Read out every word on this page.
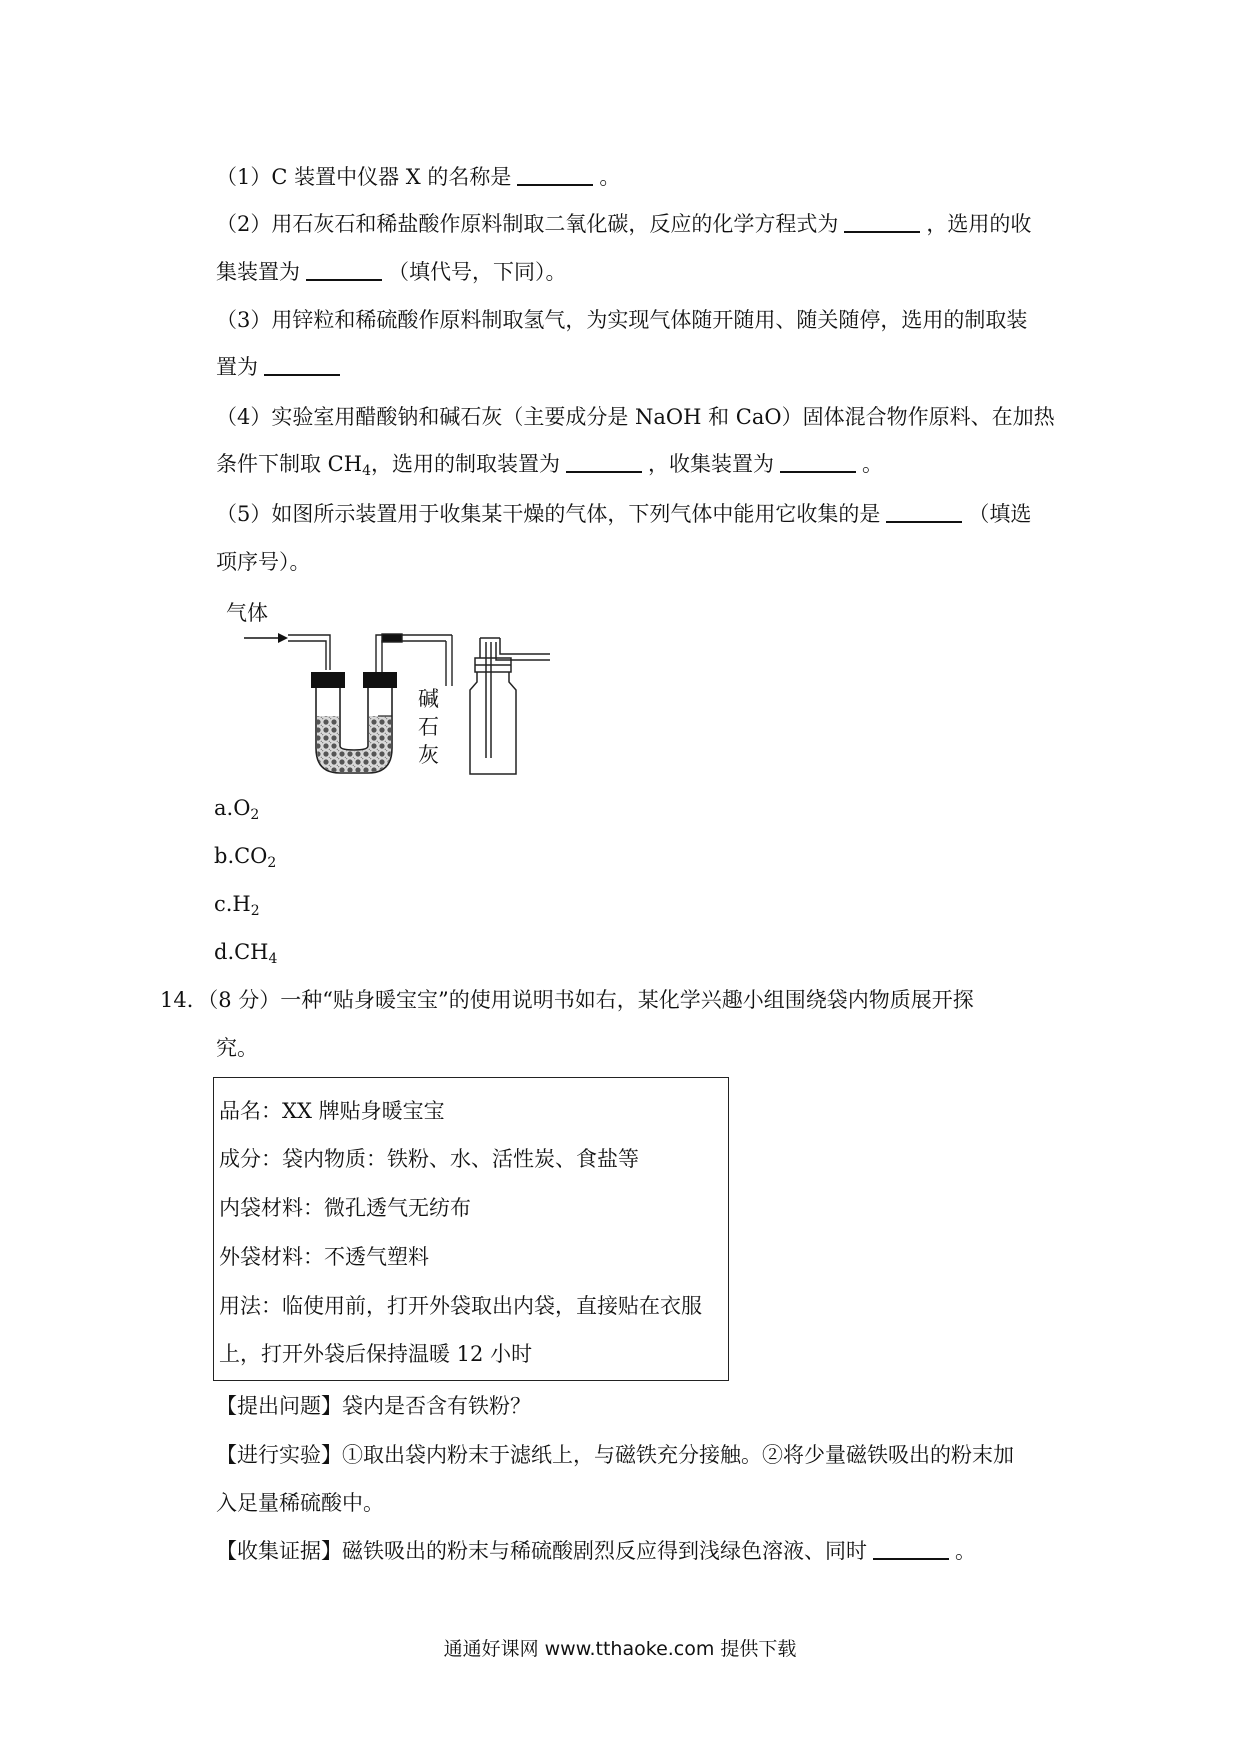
（1）C 装置中仪器 X 的名称是	。
（2）用石灰石和稀盐酸作原料制取二氧化碳，反应的化学方程式为	，选用的收
集装置为	（填代号，下同）。
（3）用锌粒和稀硫酸作原料制取氢气，为实现气体随开随用、随关随停，选用的制取装
置为
（4）实验室用醋酸钠和碱石灰（主要成分是 NaOH 和 CaO）固体混合物作原料、在加热
条件下制取 $CH_4$，选用的制取装置为	，收集装置为	。
（5）如图所示装置用于收集某干燥的气体，下列气体中能用它收集的是	（填选
项序号）。
气体
碱
石
灰
$a.O_2$
$b.CO_2$
$c.H_2$
$d.CH_4$
14．（8 分）一种“贴身暖宝宝”的使用说明书如右，某化学兴趣小组围绕袋内物质展开探
究。
品名：XX 牌贴身暖宝宝
成分：袋内物质：铁粉、水、活性炭、食盐等
内袋材料：微孔透气无纺布
外袋材料：不透气塑料
用法：临使用前，打开外袋取出内袋，直接贴在衣服
上，打开外袋后保持温暖 12 小时
【提出问题】袋内是否含有铁粉？
【进行实验】①取出袋内粉末于滤纸上，与磁铁充分接触。②将少量磁铁吸出的粉末加
入足量稀硫酸中。
【收集证据】磁铁吸出的粉末与稀硫酸剧烈反应得到浅绿色溶液、同时	。
通通好课网 www.tthaoke.com 提供下载
